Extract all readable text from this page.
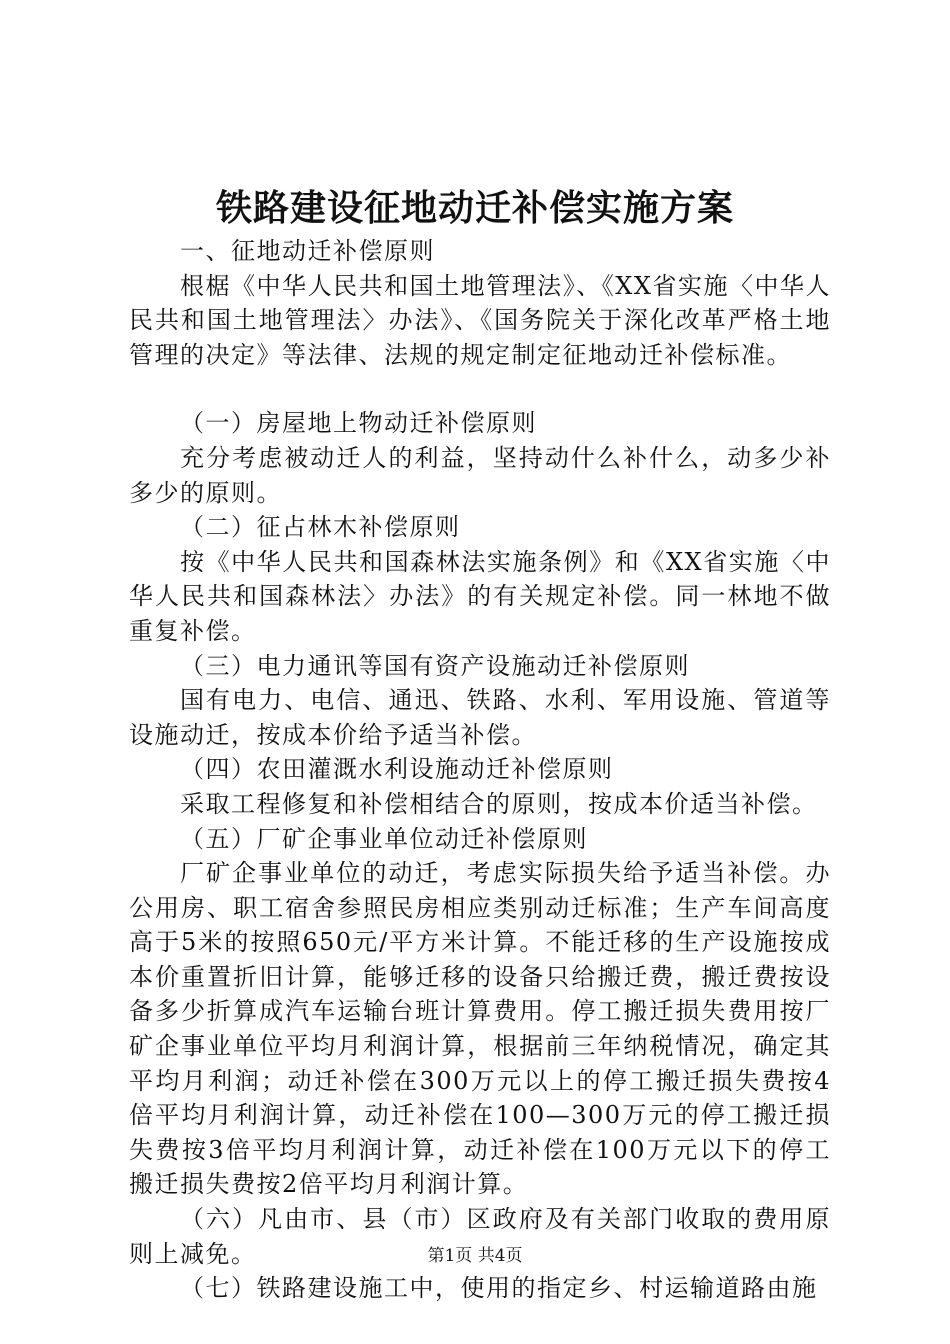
铁路建设征地动迁补偿实施方案

一、征地动迁补偿原则

根椐《中华人民共和国土地管理法》、《XX省实施〈中华人民共和国土地管理法〉办法》、《国务院关于深化改革严格土地管理的决定》等法律、法规的规定制定征地动迁补偿标准。

（一）房屋地上物动迁补偿原则

充分考虑被动迁人的利益，坚持动什么补什么，动多少补多少的原则。

（二）征占林木补偿原则

按《中华人民共和国森林法实施条例》和《XX省实施〈中华人民共和国森林法〉办法》的有关规定补偿。同一林地不做重复补偿。

（三）电力通讯等国有资产设施动迁补偿原则

国有电力、电信、通迅、铁路、水利、军用设施、管道等设施动迁，按成本价给予适当补偿。

（四）农田灌溉水利设施动迁补偿原则

采取工程修复和补偿相结合的原则，按成本价适当补偿。

（五）厂矿企事业单位动迁补偿原则

厂矿企事业单位的动迁，考虑实际损失给予适当补偿。办公用房、职工宿舍参照民房相应类别动迁标准；生产车间高度高于5米的按照650元/平方米计算。不能迁移的生产设施按成本价重置折旧计算，能够迁移的设备只给搬迁费，搬迁费按设备多少折算成汽车运输台班计算费用。停工搬迁损失费用按厂矿企事业单位平均月利润计算，根据前三年纳税情况，确定其平均月利润；动迁补偿在300万元以上的停工搬迁损失费按4倍平均月利润计算，动迁补偿在100—300万元的停工搬迁损失费按3倍平均月利润计算，动迁补偿在100万元以下的停工搬迁损失费按2倍平均月利润计算。

（六）凡由市、县（市）区政府及有关部门收取的费用原则上减免。

（七）铁路建设施工中，使用的指定乡、村运输道路由施

第1页 共4页
